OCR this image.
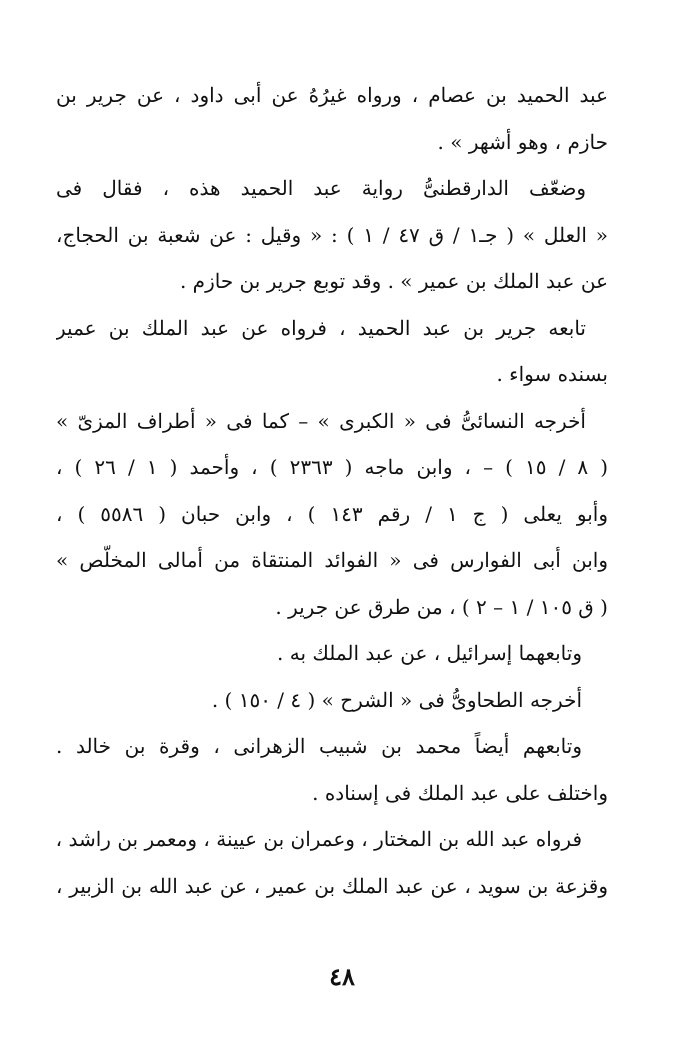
عبد الحميد بن عصام ، ورواه غيرُهُ عن أبى داود ، عن جرير بن
حازم ، وهو أشهر » .
وضعّف الدارقطنىُّ رواية عبد الحميد هذه ، فقال فى
« العلل » ( جـ١ / ق ٤٧ / ١ ) : « وقيل : عن شعبة بن الحجاج،
عن عبد الملك بن عمير » . وقد توبع جرير بن حازم .
تابعه جرير بن عبد الحميد ، فرواه عن عبد الملك بن عمير
بسنده سواء .
أخرجه النسائىُّ فى « الكبرى » – كما فى « أطراف المزىّ »
( ٨ / ١٥ ) – ، وابن ماجه ( ٢٣٦٣ ) ، وأحمد ( ١ / ٢٦ ) ،
وأبو يعلى ( ج ١ / رقم ١٤٣ ) ، وابن حبان ( ٥٥٨٦ ) ،
وابن أبى الفوارس فى « الفوائد المنتقاة من أمالى المخلّص »
( ق ١٠٥ / ١ – ٢ ) ، من طرق عن جرير .
وتابعهما إسرائيل ، عن عبد الملك به .
أخرجه الطحاوىُّ فى « الشرح » ( ٤ / ١٥٠ ) .
وتابعهم أيضاً محمد بن شبيب الزهرانى ، وقرة بن خالد .
واختلف على عبد الملك فى إسناده .
فرواه عبد الله بن المختار ، وعمران بن عيينة ، ومعمر بن راشد ،
وقزعة بن سويد ، عن عبد الملك بن عمير ، عن عبد الله بن الزبير ،
٤٨
